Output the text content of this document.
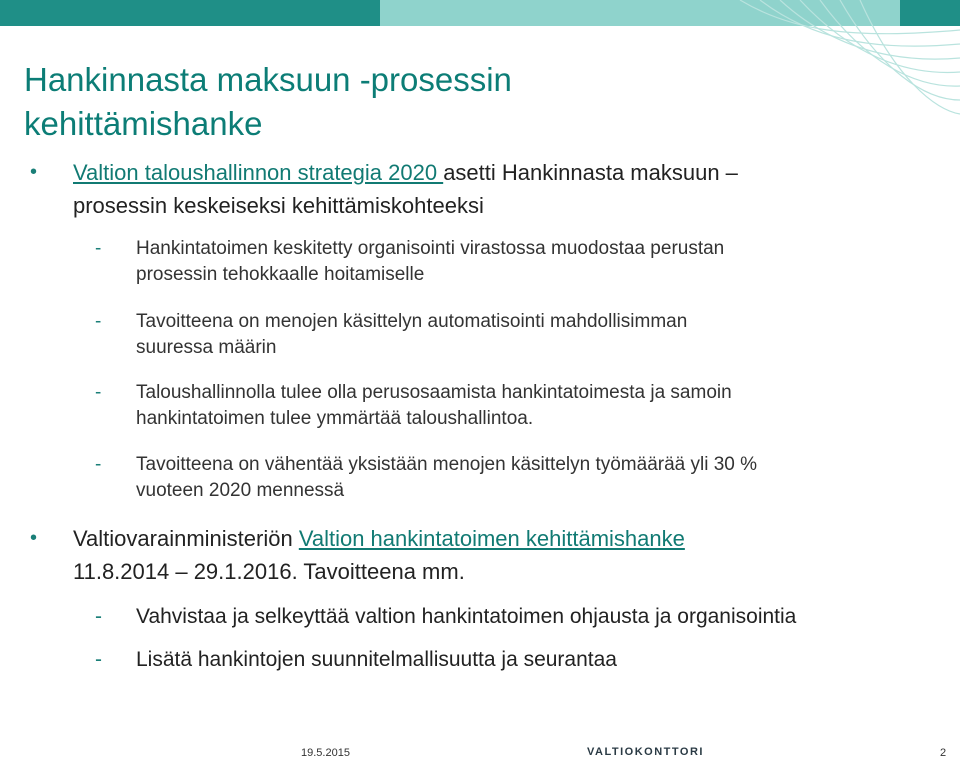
Hankinnasta maksuun -prosessin
kehittämishanke
• Valtion taloushallinnon strategia 2020 asetti Hankinnasta maksuun –
prosessin keskeiseksi kehittämiskohteeksi
- Hankintatoimen keskitetty organisointi virastossa muodostaa perustan
prosessin tehokkaalle hoitamiselle
- Tavoitteena on menojen käsittelyn automatisointi mahdollisimman
suuressa määrin
- Taloushallinnolla tulee olla perusosaamista hankintatoimesta ja samoin
hankintatoimen tulee ymmärtää taloushallintoa.
- Tavoitteena on vähentää yksistään menojen käsittelyn työmäärää yli 30 %
vuoteen 2020 mennessä
• Valtiovarainministeriön Valtion hankintatoimen kehittämishanke
11.8.2014 – 29.1.2016. Tavoitteena mm.
- Vahvistaa ja selkeyttää valtion hankintatoimen ohjausta ja organisointia
- Lisätä hankintojen suunnitelmallisuutta ja seurantaa
19.5.2015	VALTIOKONTTORI	2
